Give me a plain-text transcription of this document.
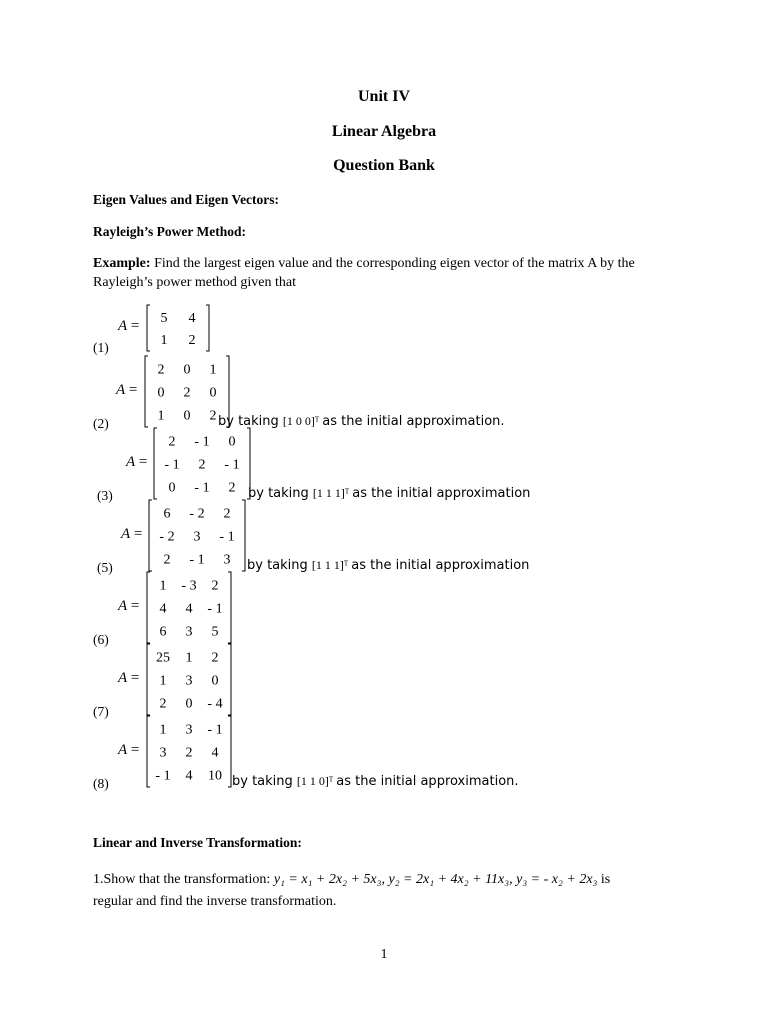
Unit IV
Linear Algebra
Question Bank
Eigen Values and Eigen Vectors:
Rayleigh’s Power Method:
Example: Find the largest eigen value and the corresponding eigen vector of the matrix A by the Rayleigh’s power method given that
(1)
A = 5 4
1 2
(2)
A =
2 0 1
0 2 0
1 0 2 by taking [1 0 0]ᵀ as the initial approximation.
(3)
A =
2 - 1 0
- 1 2 - 1
0 - 1 2 by taking [1 1 1]ᵀ as the initial approximation
(5)
A =
6 - 2 2
- 2 3 - 1
2 - 1 3 by taking [1 1 1]ᵀ as the initial approximation
(6)
A =
1 - 3 2
4 4 - 1
6 3 5
(7)
A =
25 1 2
1 3 0
2 0 - 4
(8)
A =
1 3 - 1
3 2 4
- 1 4 10 by taking [1 1 0]ᵀ as the initial approximation.
Linear and Inverse Transformation:
1.Show that the transformation: y₁ = x₁ + 2x₂ + 5x₃, y₂ = 2x₁ + 4x₂ + 11x₃, y₃ = - x₂ + 2x₃ is
regular and find the inverse transformation.
1
